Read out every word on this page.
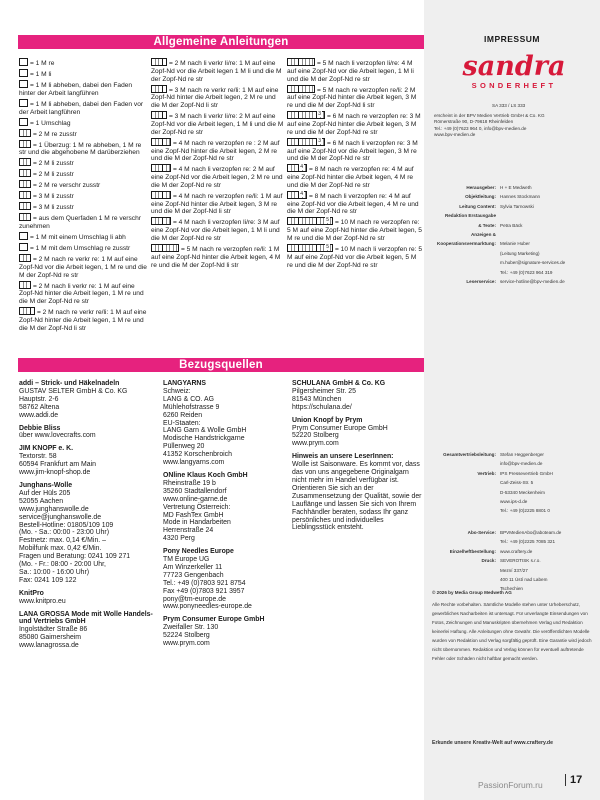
Allgemeine Anleitungen
= 1 M re
= 1 M li
= 1 M li abheben, dabei den Faden hinter der Arbeit langführen
= 1 M li abheben, dabei den Faden vor der Arbeit langführen
= 1 Umschlag
= 2 M re zusstr
= 1 Überzug: 1 M re abheben, 1 M re str und die abgehobene M darüberziehen
= 2 M li zusstr
= 2 M li zusstr
= 2 M re verschr zusstr
= 3 M li zusstr
= 3 M li zusstr
= aus dem Querfaden 1 M re verschr zunehmen
= 1 M mit einem Umschlag li abh
= 1 M mit dem Umschlag re zusstr
= 2 M nach re verkr re: 1 M auf eine Zopf-Nd vor die Arbeit legen, 1 M re und die M der Zopf-Nd re str
= 2 M nach li verkr re: 1 M auf eine Zopf-Nd hinter die Arbeit legen, 1 M re und die M der Zopf-Nd re str
= 2 M nach re verkr re/li: 1 M auf eine Zopf-Nd hinter die Arbeit legen, 1 M re und die M der Zopf-Nd li str
= 2 M nach li verkr li/re: 1 M auf eine Zopf-Nd vor die Arbeit legen 1 M li und die M der Zopf-Nd re str
= 3 M nach re verkr re/li: 1 M auf eine Zopf-Nd hinter die Arbeit legen, 2 M re und die M der Zopf-Nd li str
= 3 M nach li verkr li/re: 2 M auf eine Zopf-Nd vor die Arbeit legen, 1 M li und die M der Zopf-Nd re str
= 4 M nach re verzopfen re : 2 M auf eine Zopf-Nd hinter die Arbeit legen, 2 M re und die M der Zopf-Nd re str
= 4 M nach li verzopfen re: 2 M auf eine Zopf-Nd vor die Arbeit legen, 2 M re und die M der Zopf-Nd re str
= 4 M nach re verzopfen re/li: 1 M auf eine Zopf-Nd hinter die Arbeit legen, 3 M re und die M der Zopf-Nd li str
= 4 M nach li verzopfen li/re: 3 M auf eine Zopf-Nd vor die Arbeit legen, 1 M li und die M der Zopf-Nd re str
= 5 M nach re verzopfen re/li: 1 M auf eine Zopf-Nd hinter die Arbeit legen, 4 M re und die M der Zopf-Nd li str
= 5 M nach li verzopfen li/re: 4 M auf eine Zopf-Nd vor die Arbeit legen, 1 M li und die M der Zopf-Nd re str
= 5 M nach re verzopfen re/li: 2 M auf eine Zopf-Nd hinter die Arbeit legen, 3 M re und die M der Zopf-Nd li str
3 = 6 M nach re verzopfen re: 3 M auf eine Zopf-Nd hinter die Arbeit legen, 3 M re und die M der Zopf-Nd re str
3 = 6 M nach li verzopfen re: 3 M auf eine Zopf-Nd vor die Arbeit legen, 3 M re und die M der Zopf-Nd re str
4 = 8 M nach re verzopfen re: 4 M auf eine Zopf-Nd hinter die Arbeit legen, 4 M re und die M der Zopf-Nd re str
4 = 8 M nach li verzopfen re: 4 M auf eine Zopf-Nd vor die Arbeit legen, 4 M re und die M der Zopf-Nd re str
5 = 10 M nach re verzopfen re: 5 M auf eine Zopf-Nd hinter die Arbeit legen, 5 M re und die M der Zopf-Nd re str
5 = 10 M nach li verzopfen re: 5 M auf eine Zopf-Nd vor die Arbeit legen, 5 M re und die M der Zopf-Nd re str
Bezugsquellen
addi – Strick- und Häkelnadeln
GUSTAV SELTER GmbH & Co. KG
Hauptstr. 2-6
58762 Altena
www.addi.de
Debbie Bliss
über www.lovecrafts.com
JIM KNOPF e. K.
Textorstr. 58
60594 Frankfurt am Main
www.jim-knopf-shop.de
Junghans-Wolle
Auf der Hüls 205
52055 Aachen
www.junghanswolle.de
service@junghanswolle.de
Bestell-Hotline: 01805/109 109
(Mo. - Sa.: 00:00 - 23:00 Uhr)
Festnetz: max. 0,14 €/Min. –
Mobilfunk max. 0,42 €/Min.
Fragen und Beratung: 0241 109 271
(Mo. - Fr.: 08:00 - 20:00 Uhr,
Sa.: 10:00 - 16:00 Uhr)
Fax: 0241 109 122
KnitPro
www.knitpro.eu
LANA GROSSA Mode mit Wolle Handels- und Vertriebs GmbH
Ingolstädter Straße 86
85080 Gaimersheim
www.lanagrossa.de
LANGYARNS
Schweiz:
LANG & CO. AG
Mühlehofstrasse 9
6260 Reiden
EU-Staaten:
LANG Garn & Wolle GmbH
Modische Handstrickgarne
Püllenweg 20
41352 Korschenbroich
www.langyarns.com
ONline Klaus Koch GmbH
Rheinstraße 19 b
35260 Stadtallendorf
www.online-garne.de
Vertretung Österreich:
MD FashTex GmbH
Mode in Handarbeiten
Herrenstraße 24
4320 Perg
Pony Needles Europe
TM Europe UG
Am Winzerkeller 11
77723 Gengenbach
Tel.: +49 (0)7803 921 8754
Fax +49 (0)7803 921 3957
pony@tm-europe.de
www.ponyneedles-europe.de
Prym Consumer Europe GmbH
Zweifaller Str. 130
52224 Stolberg
www.prym.com
SCHULANA GmbH & Co. KG
Pilgersheimer Str. 25
81543 München
https://schulana.de/
Union Knopf by Prym
Prym Consumer Europe GmbH
52220 Stolberg
www.prym.com
Hinweis an unsere LeserInnen:
Wolle ist Saisonware. Es kommt vor, dass das von uns angegebene Originalgarn nicht mehr im Handel verfügbar ist. Orientieren Sie sich an der Zusammensetzung der Qualität, sowie der Lauflänge und lassen Sie sich von Ihrem Fachhändler beraten, sodass Ihr ganz persönliches und individuelles Lieblingsstück entsteht.
IMPRESSUM
sandra
SONDERHEFT
SA 333 / LS 333
erscheint in der BPV Medien Vertrieb GmbH & Co. KG
Römerstraße 90, D-79618 Rheinfelden
Tel.: +49 (0)7623 964 0, info@bpv-medien.de
www.bpv-medien.de
Herausgeber: H + E Medweth
Objektleitung: Hannes Stockmann
Leitung Content: Sylvia Tarnowski
Redaktion Erstausgabe
& Texte: Petra Bäck
Anzeigen &
Kooperationsvermarktung: Melanie Huber
(Leitung Marketing)
m.huber@signature-services.de
Tel.: +49 (0)7623 964 319
Leserservice: service-hotline@bpv-medien.de
Gesamtvertriebsleitung: Stefan Heggenberger
info@bpv-medien.de
Vertrieb: IPS Pressevertrieb GmbH
Carl-Zeiss-Str. 5
D-53340 Meckenheim
www.ips-d.de
Tel.: +49 (0)2225 8801 0
Abo-Service: BPVMedienAbo@aboteam.de
Tel.: +49 (0)2225 7085 321
Einzelheftbestellung: www.craftery.de
Druck: SEVEROTISK s.r.o.
Mezní 337/27
400 11 Ústí nad Labem
Tschechien
© 2026 by Media Group Medweth AG
Alle Rechte vorbehalten. Sämtliche Modelle stehen unter Urheberschutz, gewerbliches Nacharbeiten ist untersagt. Für unverlangte Einsendungen von Fotos, Zeichnungen und Manuskripten übernehmen Verlag und Redaktion keinerlei Haftung. Alle Anleitungen ohne Gewähr. Die veröffentlichten Modelle wurden von Redaktion und Verlag sorgfältig geprüft. Eine Garantie wird jedoch nicht übernommen. Redaktion und Verlag können für eventuell auftretende Fehler oder Schäden nicht haftbar gemacht werden.
Erkunde unsere Kreativ-Welt auf www.craftery.de
PassionForum.ru	17
